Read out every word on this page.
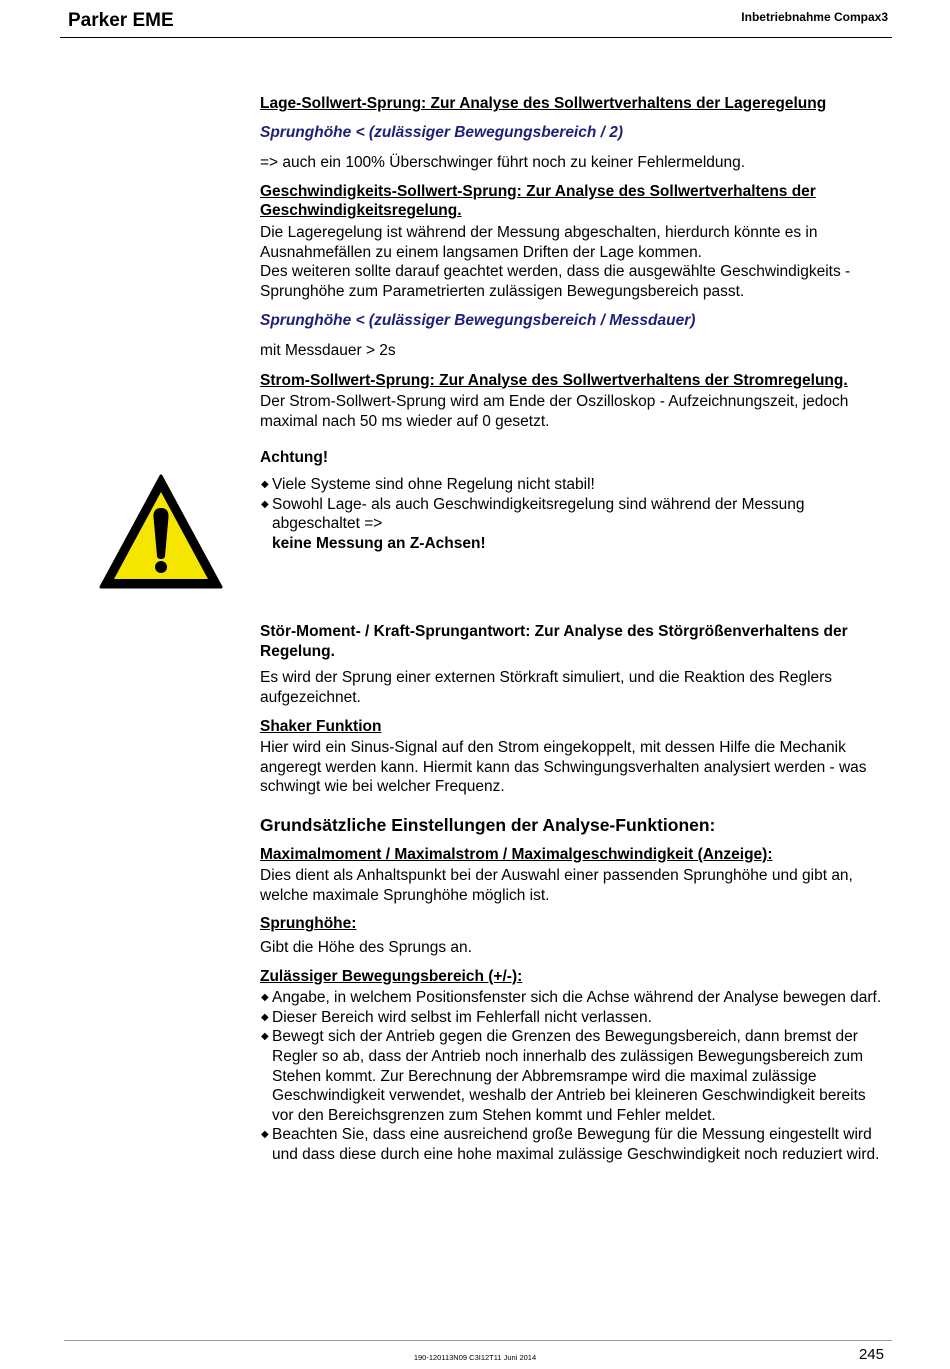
Parker EME	Inbetriebnahme Compax3

Lage-Sollwert-Sprung: Zur Analyse des Sollwertverhaltens der Lageregelung

Sprunghöhe < (zulässiger Bewegungsbereich / 2)

=> auch ein 100% Überschwinger führt noch zu keiner Fehlermeldung.

Geschwindigkeits-Sollwert-Sprung: Zur Analyse des Sollwertverhaltens der Geschwindigkeitsregelung.

Die Lageregelung ist während der Messung abgeschalten, hierdurch könnte es in Ausnahmefällen zu einem langsamen Driften der Lage kommen.

Des weiteren sollte darauf geachtet werden, dass die ausgewählte Geschwindigkeits - Sprunghöhe zum Parametrierten zulässigen Bewegungsbereich passt.

Sprunghöhe < (zulässiger Bewegungsbereich / Messdauer)

mit Messdauer > 2s

Strom-Sollwert-Sprung: Zur Analyse des Sollwertverhaltens der Stromregelung.

Der Strom-Sollwert-Sprung wird am Ende der Oszilloskop - Aufzeichnungszeit, jedoch maximal nach 50 ms wieder auf 0 gesetzt.

Achtung!

◆ Viele Systeme sind ohne Regelung nicht stabil!
◆ Sowohl Lage- als auch Geschwindigkeitsregelung sind während der Messung abgeschaltet =>
keine Messung an Z-Achsen!

Stör-Moment- / Kraft-Sprungantwort: Zur Analyse des Störgrößenverhaltens der Regelung.

Es wird der Sprung einer externen Störkraft simuliert, und die Reaktion des Reglers aufgezeichnet.

Shaker Funktion

Hier wird ein Sinus-Signal auf den Strom eingekoppelt, mit dessen Hilfe die Mechanik angeregt werden kann. Hiermit kann das Schwingungsverhalten analysiert werden - was schwingt wie bei welcher Frequenz.

Grundsätzliche Einstellungen der Analyse-Funktionen:

Maximalmoment / Maximalstrom / Maximalgeschwindigkeit (Anzeige):

Dies dient als Anhaltspunkt bei der Auswahl einer passenden Sprunghöhe und gibt an, welche maximale Sprunghöhe möglich ist.

Sprunghöhe:

Gibt die Höhe des Sprungs an.

Zulässiger Bewegungsbereich (+/-):

◆ Angabe, in welchem Positionsfenster sich die Achse während der Analyse bewegen darf.
◆ Dieser Bereich wird selbst im Fehlerfall nicht verlassen.
◆ Bewegt sich der Antrieb gegen die Grenzen des Bewegungsbereich, dann bremst der Regler so ab, dass der Antrieb noch innerhalb des zulässigen Bewegungsbereich zum Stehen kommt. Zur Berechnung der Abbremsrampe wird die maximal zulässige Geschwindigkeit verwendet, weshalb der Antrieb bei kleineren Geschwindigkeit bereits vor den Bereichsgrenzen zum Stehen kommt und Fehler meldet.
◆ Beachten Sie, dass eine ausreichend große Bewegung für die Messung eingestellt wird und dass diese durch eine hohe maximal zulässige Geschwindigkeit noch reduziert wird.
190-120113N09 C3I12T11 Juni 2014	245
